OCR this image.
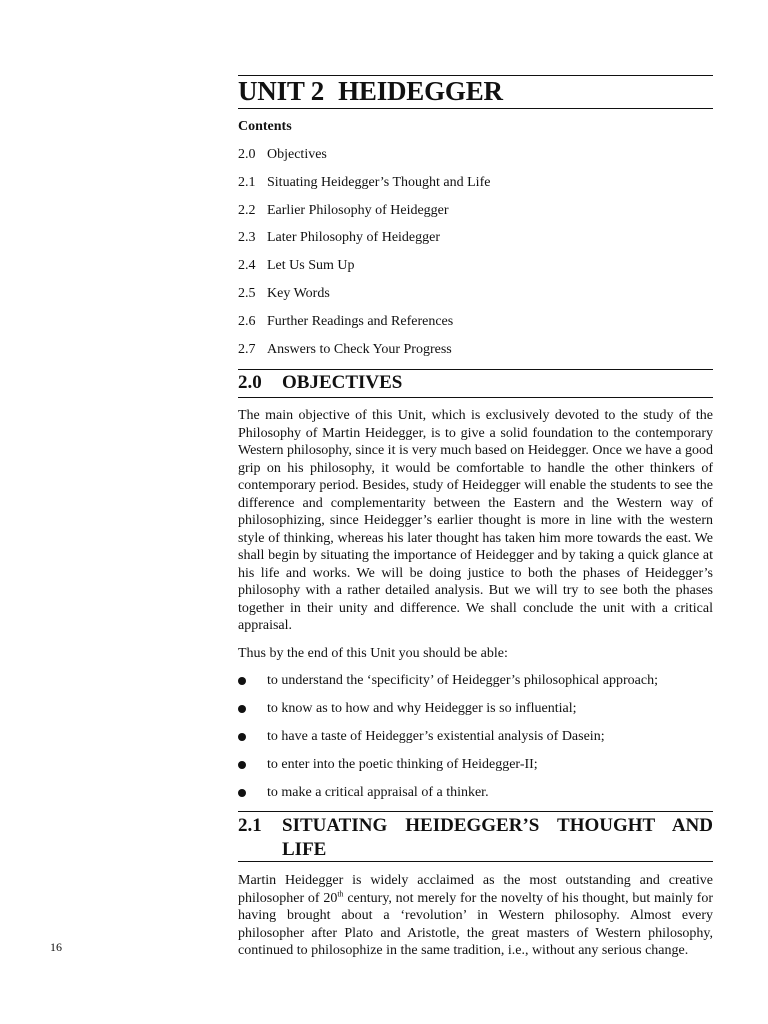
UNIT 2 HEIDEGGER
Contents
2.0 Objectives
2.1 Situating Heidegger’s Thought and Life
2.2 Earlier Philosophy of Heidegger
2.3 Later Philosophy of Heidegger
2.4 Let Us Sum Up
2.5 Key Words
2.6 Further Readings and References
2.7 Answers to Check Your Progress
2.0 OBJECTIVES

The main objective of this Unit, which is exclusively devoted to the study of the Philosophy of Martin Heidegger, is to give a solid foundation to the contemporary Western philosophy, since it is very much based on Heidegger. Once we have a good grip on his philosophy, it would be comfortable to handle the other thinkers of contemporary period. Besides, study of Heidegger will enable the students to see the difference and complementarity between the Eastern and the Western way of philosophizing, since Heidegger’s earlier thought is more in line with the western style of thinking, whereas his later thought has taken him more towards the east. We shall begin by situating the importance of Heidegger and by taking a quick glance at his life and works. We will be doing justice to both the phases of Heidegger’s philosophy with a rather detailed analysis. But we will try to see both the phases together in their unity and difference. We shall conclude the unit with a critical appraisal.

Thus by the end of this Unit you should be able:

to understand the ‘specificity’ of Heidegger’s philosophical approach;
to know as to how and why Heidegger is so influential;
to have a taste of Heidegger’s existential analysis of Dasein;
to enter into the poetic thinking of Heidegger-II;
to make a critical appraisal of a thinker.
2.1	SITUATING HEIDEGGER’S THOUGHT AND LIFE

Martin Heidegger is widely acclaimed as the most outstanding and creative philosopher of 20th century, not merely for the novelty of his thought, but mainly for having brought about a ‘revolution’ in Western philosophy. Almost every philosopher after Plato and Aristotle, the great masters of Western philosophy, continued to philosophize in the same tradition, i.e., without any serious change.

16
